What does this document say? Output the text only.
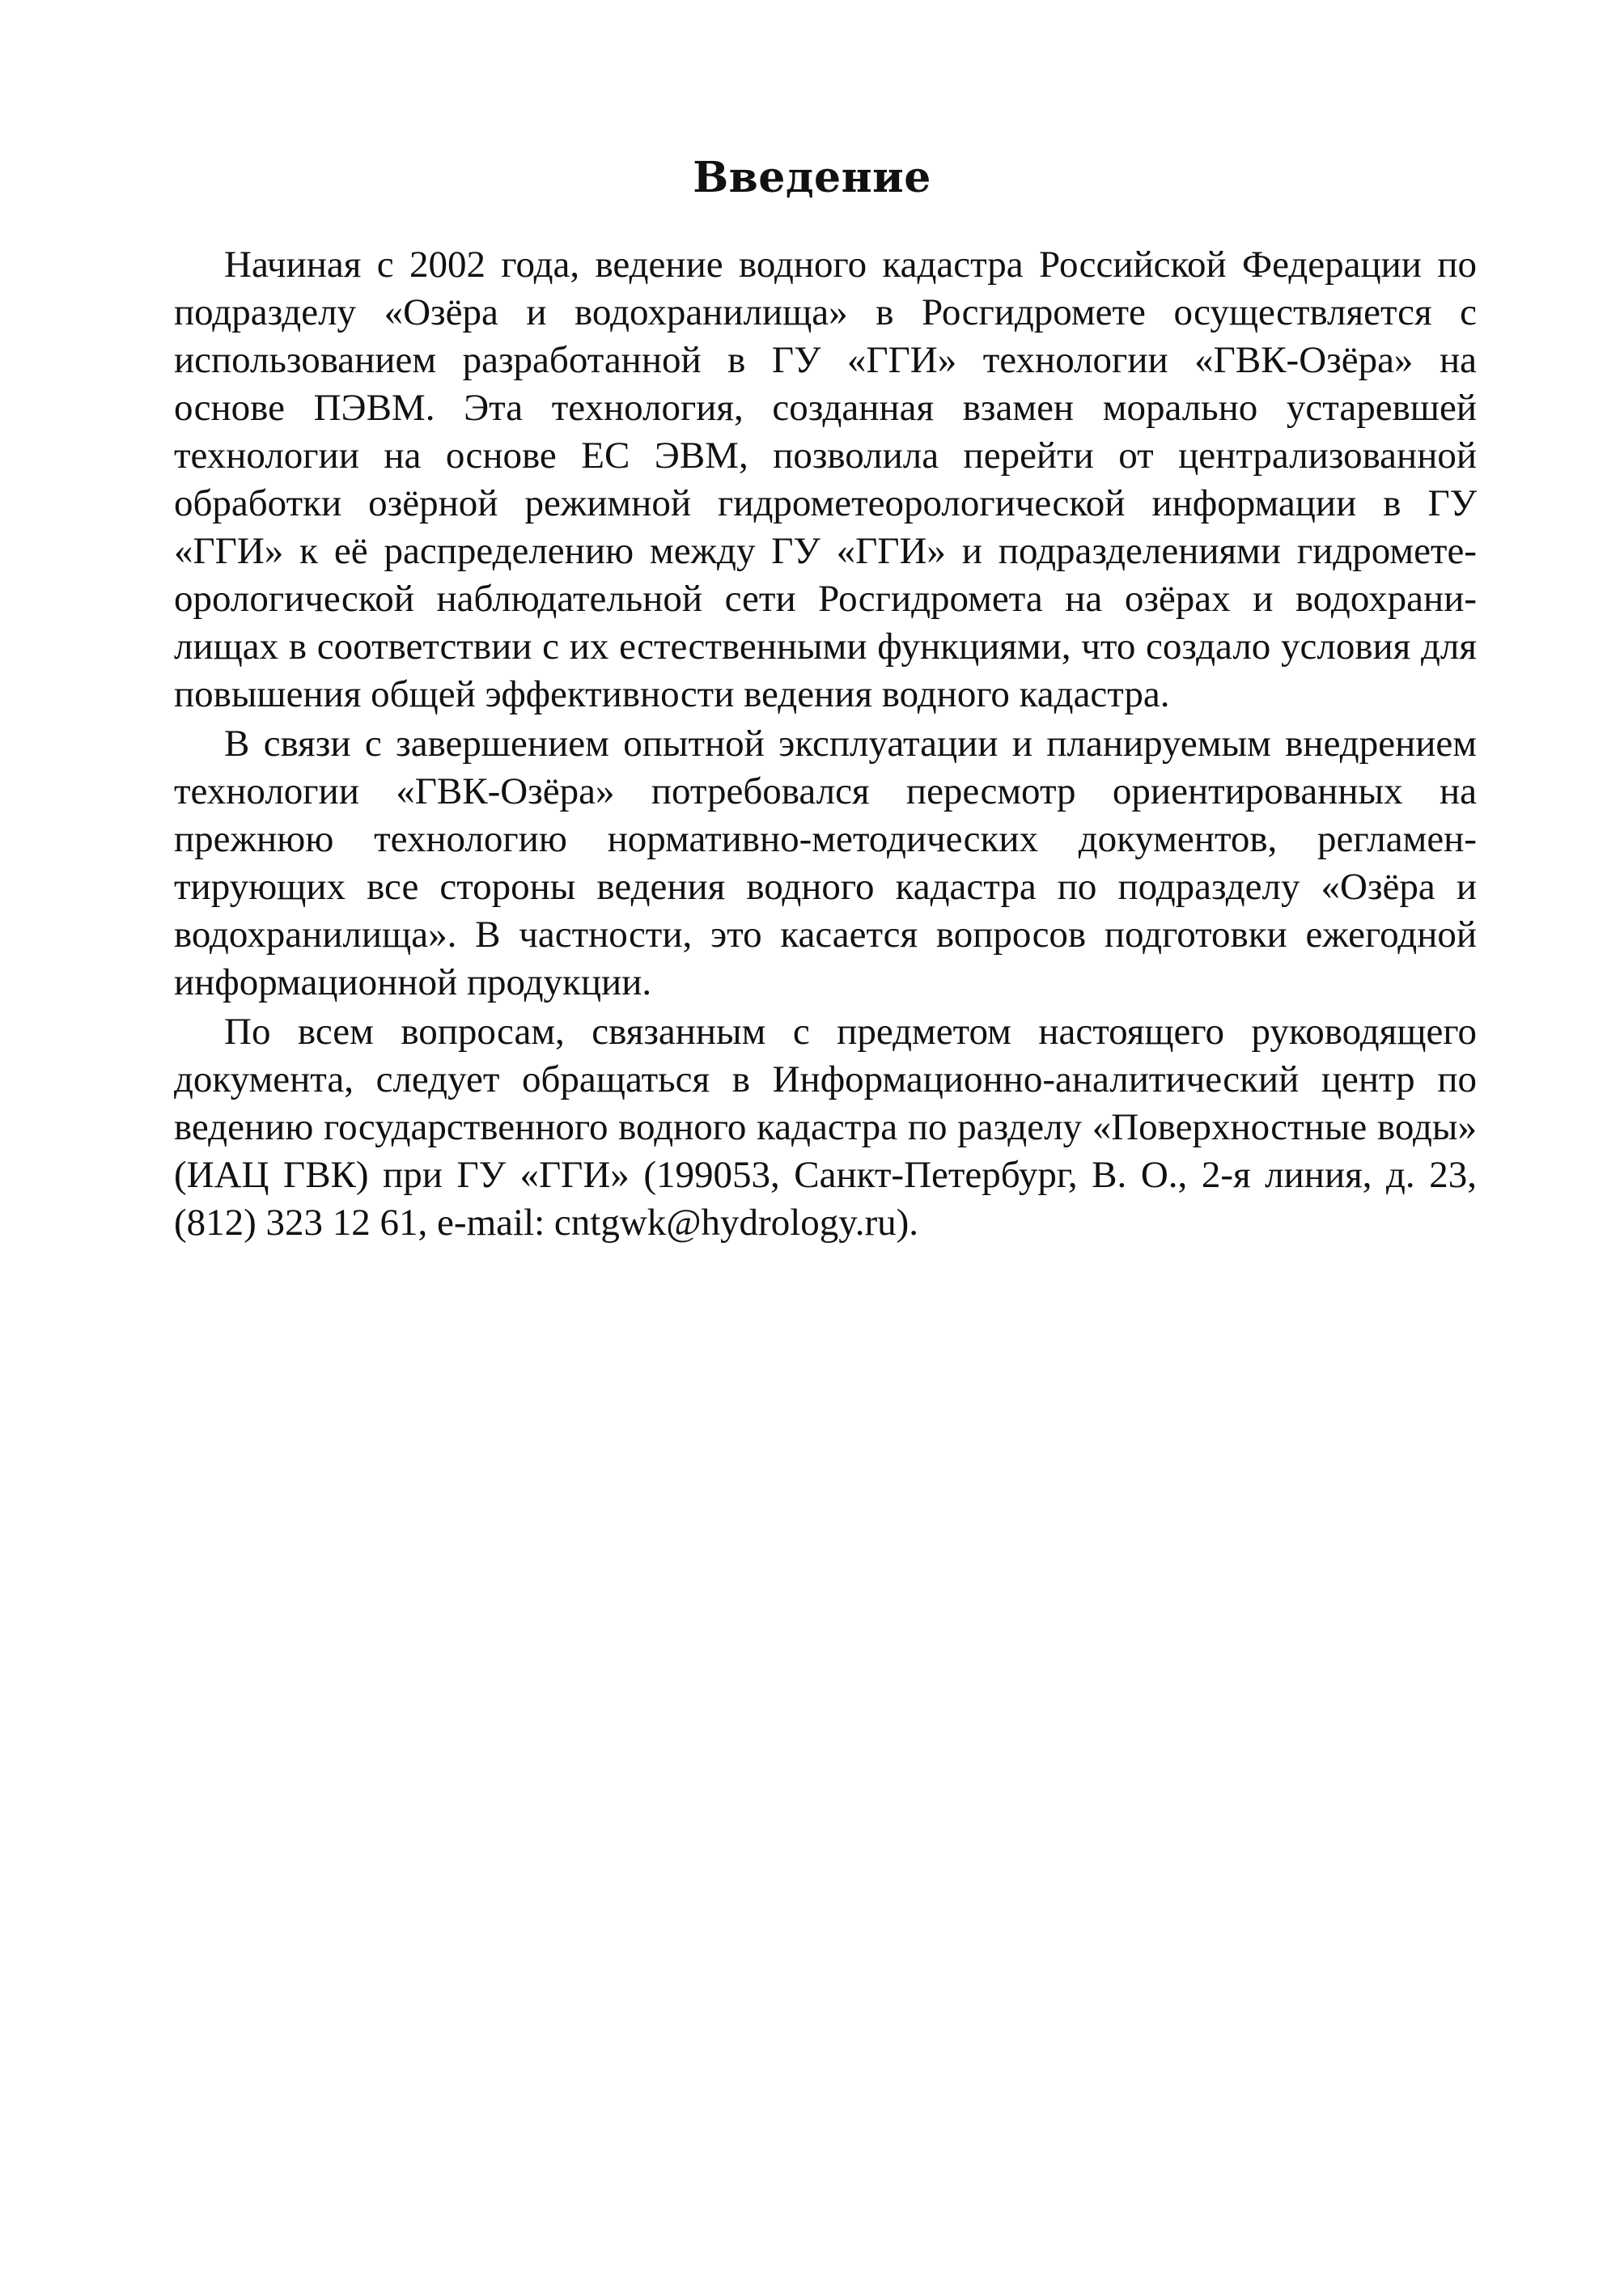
Введение

Начиная с 2002 года, ведение водного кадастра Российской Федерации по подразделу «Озёра и водохранилища» в Росгидромете осуществляется с использованием разработанной в ГУ «ГГИ» технологии «ГВК-Озёра» на основе ПЭВМ. Эта технология, созданная взамен морально устаревшей технологии на основе ЕС ЭВМ, позволила перейти от централизованной обработки озёрной режимной гидрометеорологической информации в ГУ «ГГИ» к её распределению между ГУ «ГГИ» и подразделениями гидрометеорологической наблюдательной сети Росгидромета на озёрах и водохранилищах в соответствии с их естественными функциями, что создало условия для повышения общей эффективности ведения водного кадастра.

В связи с завершением опытной эксплуатации и планируемым внедрением технологии «ГВК-Озёра» потребовался пересмотр ориентированных на прежнюю технологию нормативно-методических документов, регламентирующих все стороны ведения водного кадастра по подразделу «Озёра и водохранилища». В частности, это касается вопросов подготовки ежегодной информационной продукции.

По всем вопросам, связанным с предметом настоящего руководящего документа, следует обращаться в Информационно-аналитический центр по ведению государственного водного кадастра по разделу «Поверхностные воды» (ИАЦ ГВК) при ГУ «ГГИ» (199053, Санкт-Петербург, В. О., 2-я линия, д. 23, (812) 323 12 61, e-mail: cntgwk@hydrology.ru).
